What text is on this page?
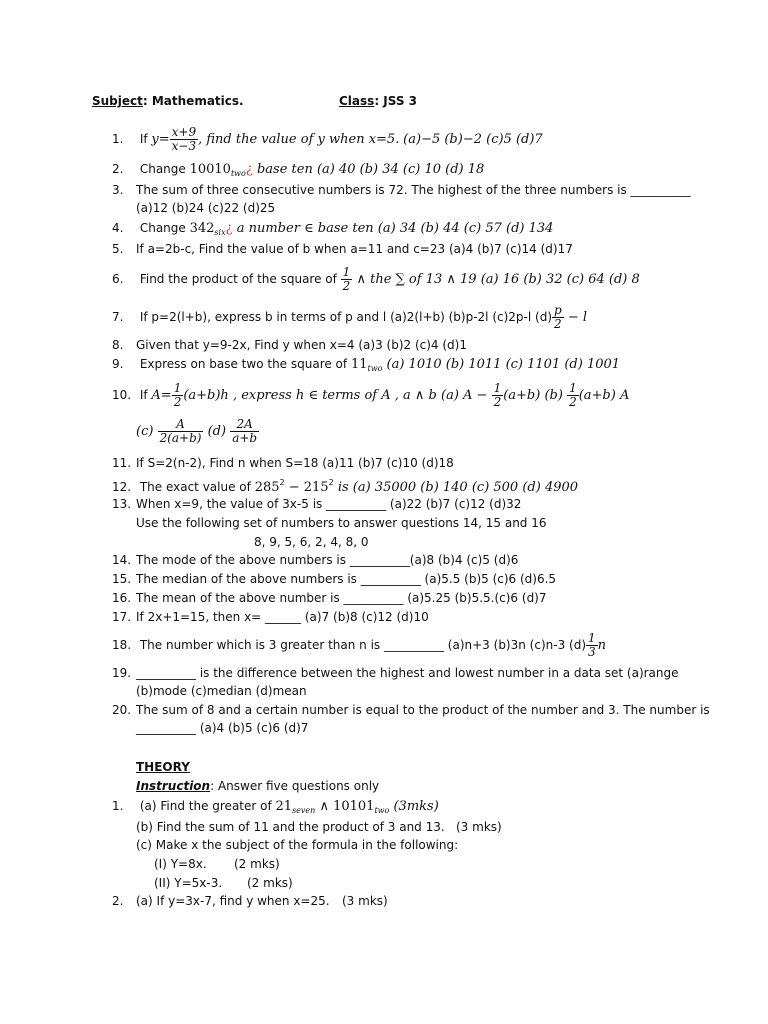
Subject: Mathematics.	Class: JSS 3
1. If $y= \frac{x+9}{x-3}$ , find the value of y when x=5. (a)−5 (b)−2 (c)5 (d)7
2. Change $10010_{two}¿$ base ten (a) 40 (b) 34 (c) 10 (d) 18
3. The sum of three consecutive numbers is 72. The highest of the three numbers is __________
(a)12 (b)24 (c)22 (d)25
4. Change $342_{six}¿$ a number ∈ base ten (a) 34 (b) 44 (c) 57 (d) 134
5. If a=2b-c, Find the value of b when a=11 and c=23 (a)4 (b)7 (c)14 (d)17
6. Find the product of the square of $\frac{1}{2}$ ∧ the ∑ of 13 ∧ 19 (a) 16 (b) 32 (c) 64 (d) 8
7. If p=2(l+b), express b in terms of p and l (a)2(l+b) (b)p-2l (c)2p-l $(d) \frac{p}{2} - l$
8. Given that y=9-2x, Find y when x=4 (a)3 (b)2 (c)4 (d)1
9. Express on base two the square of $11_{two}$ (a) 1010 (b) 1011 (c) 1101 (d) 1001
10. If $A= \frac{1}{2} (a+b)h$ , express h ∈ terms of A , a ∧ b (a) $A - \frac{1}{2} (a+b)$ $(b) \frac{1}{2} (a+b)$ A
$(c) \frac{A}{2(a+b)} (d) \frac{2A}{a+b}$
11. If S=2(n-2), Find n when S=18 (a)11 (b)7 (c)10 (d)18
12. The exact value of $285^2 - 215^2$ is (a) 35000 (b) 140 (c) 500 (d) 4900
13. When x=9, the value of 3x-5 is __________ (a)22 (b)7 (c)12 (d)32
Use the following set of numbers to answer questions 14, 15 and 16
8, 9, 5, 6, 2, 4, 8, 0
14. The mode of the above numbers is __________(a)8 (b)4 (c)5 (d)6
15. The median of the above numbers is __________ (a)5.5 (b)5 (c)6 (d)6.5
16. The mean of the above number is __________ (a)5.25 (b)5.5.(c)6 (d)7
17. If 2x+1=15, then x= ______ (a)7 (b)8 (c)12 (d)10
18. The number which is 3 greater than n is __________ (a)n+3 (b)3n (c)n-3 $(d) \frac{1}{3}$ n
19. __________ is the difference between the highest and lowest number in a data set (a)range
(b)mode (c)median (d)mean
20. The sum of 8 and a certain number is equal to the product of the number and 3. The number is
__________ (a)4 (b)5 (c)6 (d)7
THEORY
Instruction: Answer five questions only
1. (a) Find the greater of $21_{seven}$ ∧ $10101_{two}$ (3mks)
(b) Find the sum of 11 and the product of 3 and 13. (3 mks)
(c) Make x the subject of the formula in the following:
(I) Y=8x. (2 mks)
(II) Y=5x-3. (2 mks)
2. (a) If y=3x-7, find y when x=25. (3 mks)
